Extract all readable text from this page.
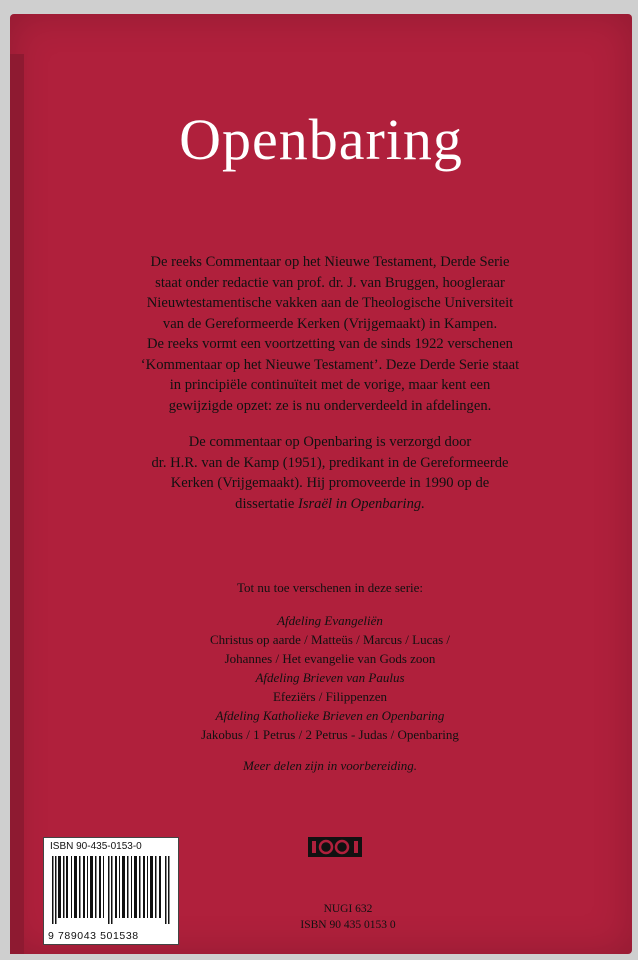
Openbaring

De reeks Commentaar op het Nieuwe Testament, Derde Serie
staat onder redactie van prof. dr. J. van Bruggen, hoogleraar
Nieuwtestamentische vakken aan de Theologische Universiteit
van de Gereformeerde Kerken (Vrijgemaakt) in Kampen.
De reeks vormt een voortzetting van de sinds 1922 verschenen
‘Kommentaar op het Nieuwe Testament’. Deze Derde Serie staat
in principiële continuïteit met de vorige, maar kent een
gewijzigde opzet: ze is nu onderverdeeld in afdelingen.

De commentaar op Openbaring is verzorgd door
dr. H.R. van de Kamp (1951), predikant in de Gereformeerde
Kerken (Vrijgemaakt). Hij promoveerde in 1990 op de
dissertatie Israël in Openbaring.

Tot nu toe verschenen in deze serie:
Afdeling Evangeliën
Christus op aarde / Matteüs / Marcus / Lucas /
Johannes / Het evangelie van Gods zoon
Afdeling Brieven van Paulus
Efeziërs / Filippenzen
Afdeling Katholieke Brieven en Openbaring
Jakobus / 1 Petrus / 2 Petrus - Judas / Openbaring
Meer delen zijn in voorbereiding.
NUGI 632
ISBN 90 435 0153 0
ISBN 90-435-0153-0
9 789043 501538
